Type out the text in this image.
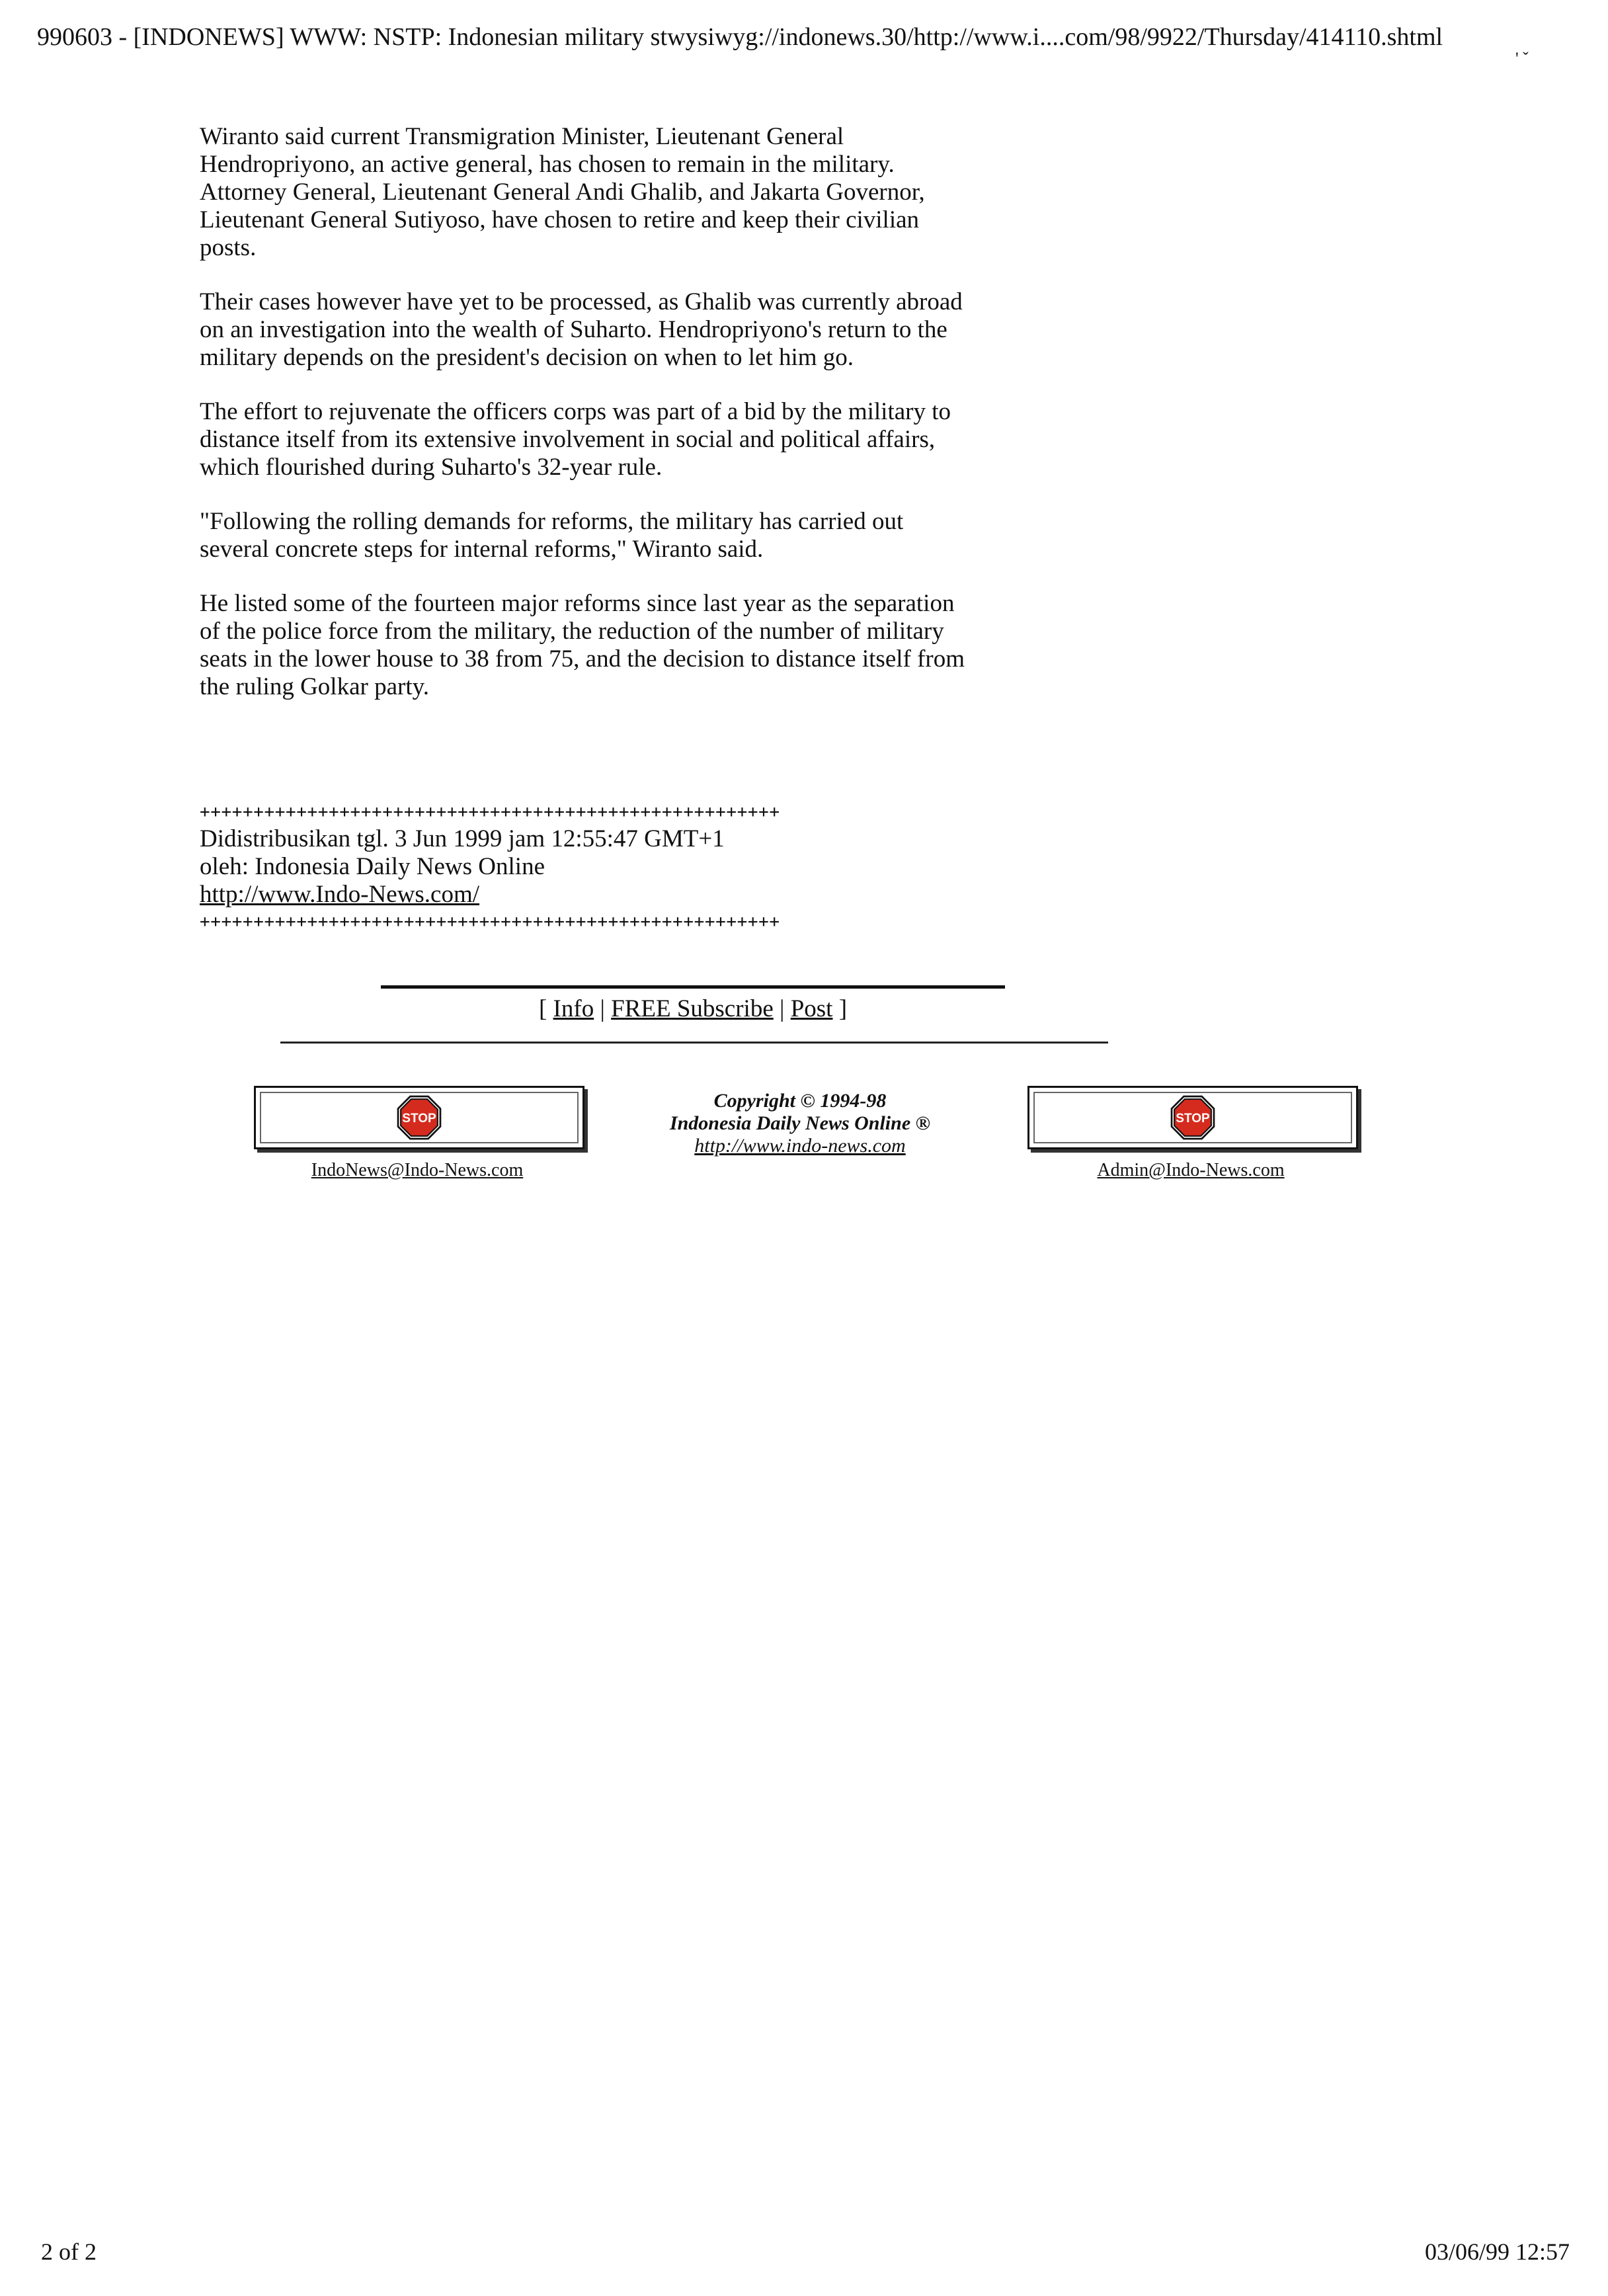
990603 - [INDONEWS] WWW: NSTP: Indonesian military stwysiwyg://indonews.30/http://www.i....com/98/9922/Thursday/414110.shtml
' ˇ

Wiranto said current Transmigration Minister, Lieutenant General Hendropriyono, an active general, has chosen to remain in the military. Attorney General, Lieutenant General Andi Ghalib, and Jakarta Governor, Lieutenant General Sutiyoso, have chosen to retire and keep their civilian posts.

Their cases however have yet to be processed, as Ghalib was currently abroad on an investigation into the wealth of Suharto. Hendropriyono's return to the military depends on the president's decision on when to let him go.

The effort to rejuvenate the officers corps was part of a bid by the military to distance itself from its extensive involvement in social and political affairs, which flourished during Suharto's 32-year rule.

"Following the rolling demands for reforms, the military has carried out several concrete steps for internal reforms," Wiranto said.

He listed some of the fourteen major reforms since last year as the separation of the police force from the military, the reduction of the number of military seats in the lower house to 38 from 75, and the decision to distance itself from the ruling Golkar party.

++++++++++++++++++++++++++++++++++++++++++++++++++++++
Didistribusikan tgl. 3 Jun 1999 jam 12:55:47 GMT+1
oleh: Indonesia Daily News Online
http://www.Indo-News.com/
++++++++++++++++++++++++++++++++++++++++++++++++++++++
[ Info | FREE Subscribe | Post ]
STOP
IndoNews@Indo-News.com
Copyright © 1994-98
Indonesia Daily News Online ®
http://www.indo-news.com
STOP
Admin@Indo-News.com
2 of 2	03/06/99 12:57
